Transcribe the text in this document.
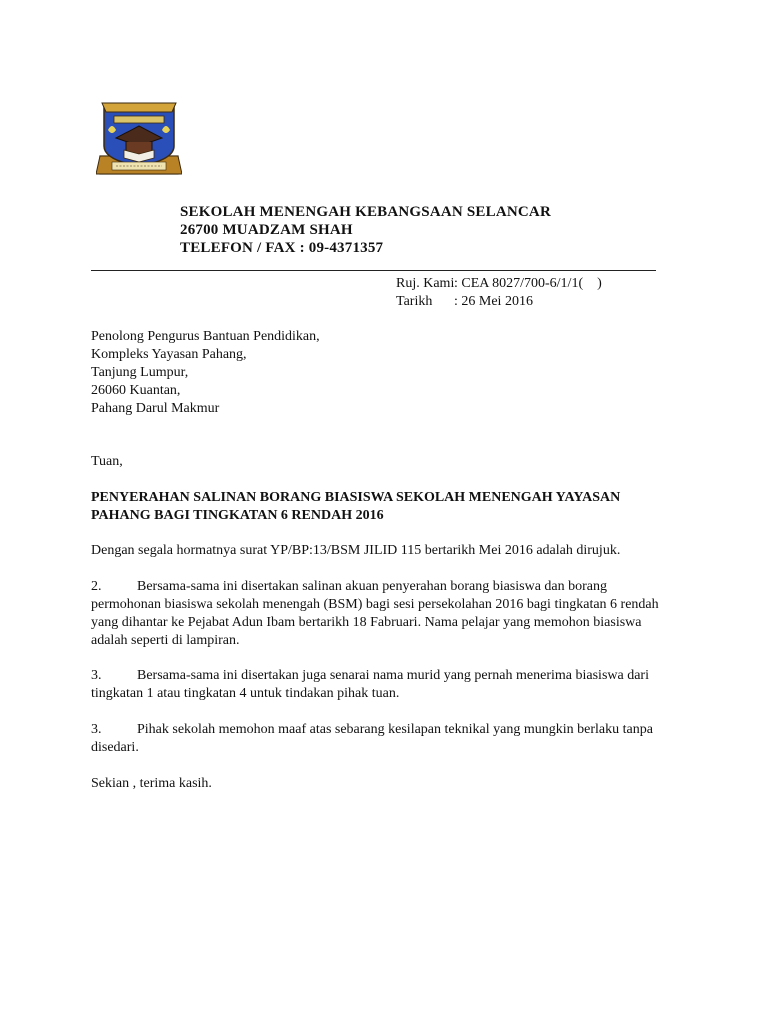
SEKOLAH MENENGAH KEBANGSAAN SELANCAR
26700 MUADZAM SHAH
TELEFON / FAX : 09-4371357
Ruj. Kami: CEA 8027/700-6/1/1(    )
Tarikh : 26 Mei 2016
Penolong Pengurus Bantuan Pendidikan,
Kompleks Yayasan Pahang,
Tanjung Lumpur,
26060 Kuantan,
Pahang Darul Makmur
Tuan,
PENYERAHAN SALINAN BORANG BIASISWA SEKOLAH MENENGAH YAYASAN PAHANG BAGI TINGKATAN 6 RENDAH 2016
Dengan segala hormatnya surat YP/BP:13/BSM JILID 115 bertarikh Mei 2016 adalah dirujuk.
2.	Bersama-sama ini disertakan salinan akuan penyerahan borang biasiswa dan borang permohonan biasiswa sekolah menengah (BSM) bagi sesi persekolahan 2016 bagi tingkatan 6 rendah yang dihantar ke Pejabat Adun Ibam bertarikh 18 Fabruari. Nama pelajar yang memohon biasiswa adalah seperti di lampiran.
3.	Bersama-sama ini disertakan juga senarai nama murid yang pernah menerima biasiswa dari tingkatan 1 atau tingkatan 4 untuk tindakan pihak tuan.
3.	Pihak sekolah memohon maaf atas sebarang kesilapan teknikal yang mungkin berlaku tanpa disedari.
Sekian , terima kasih.
